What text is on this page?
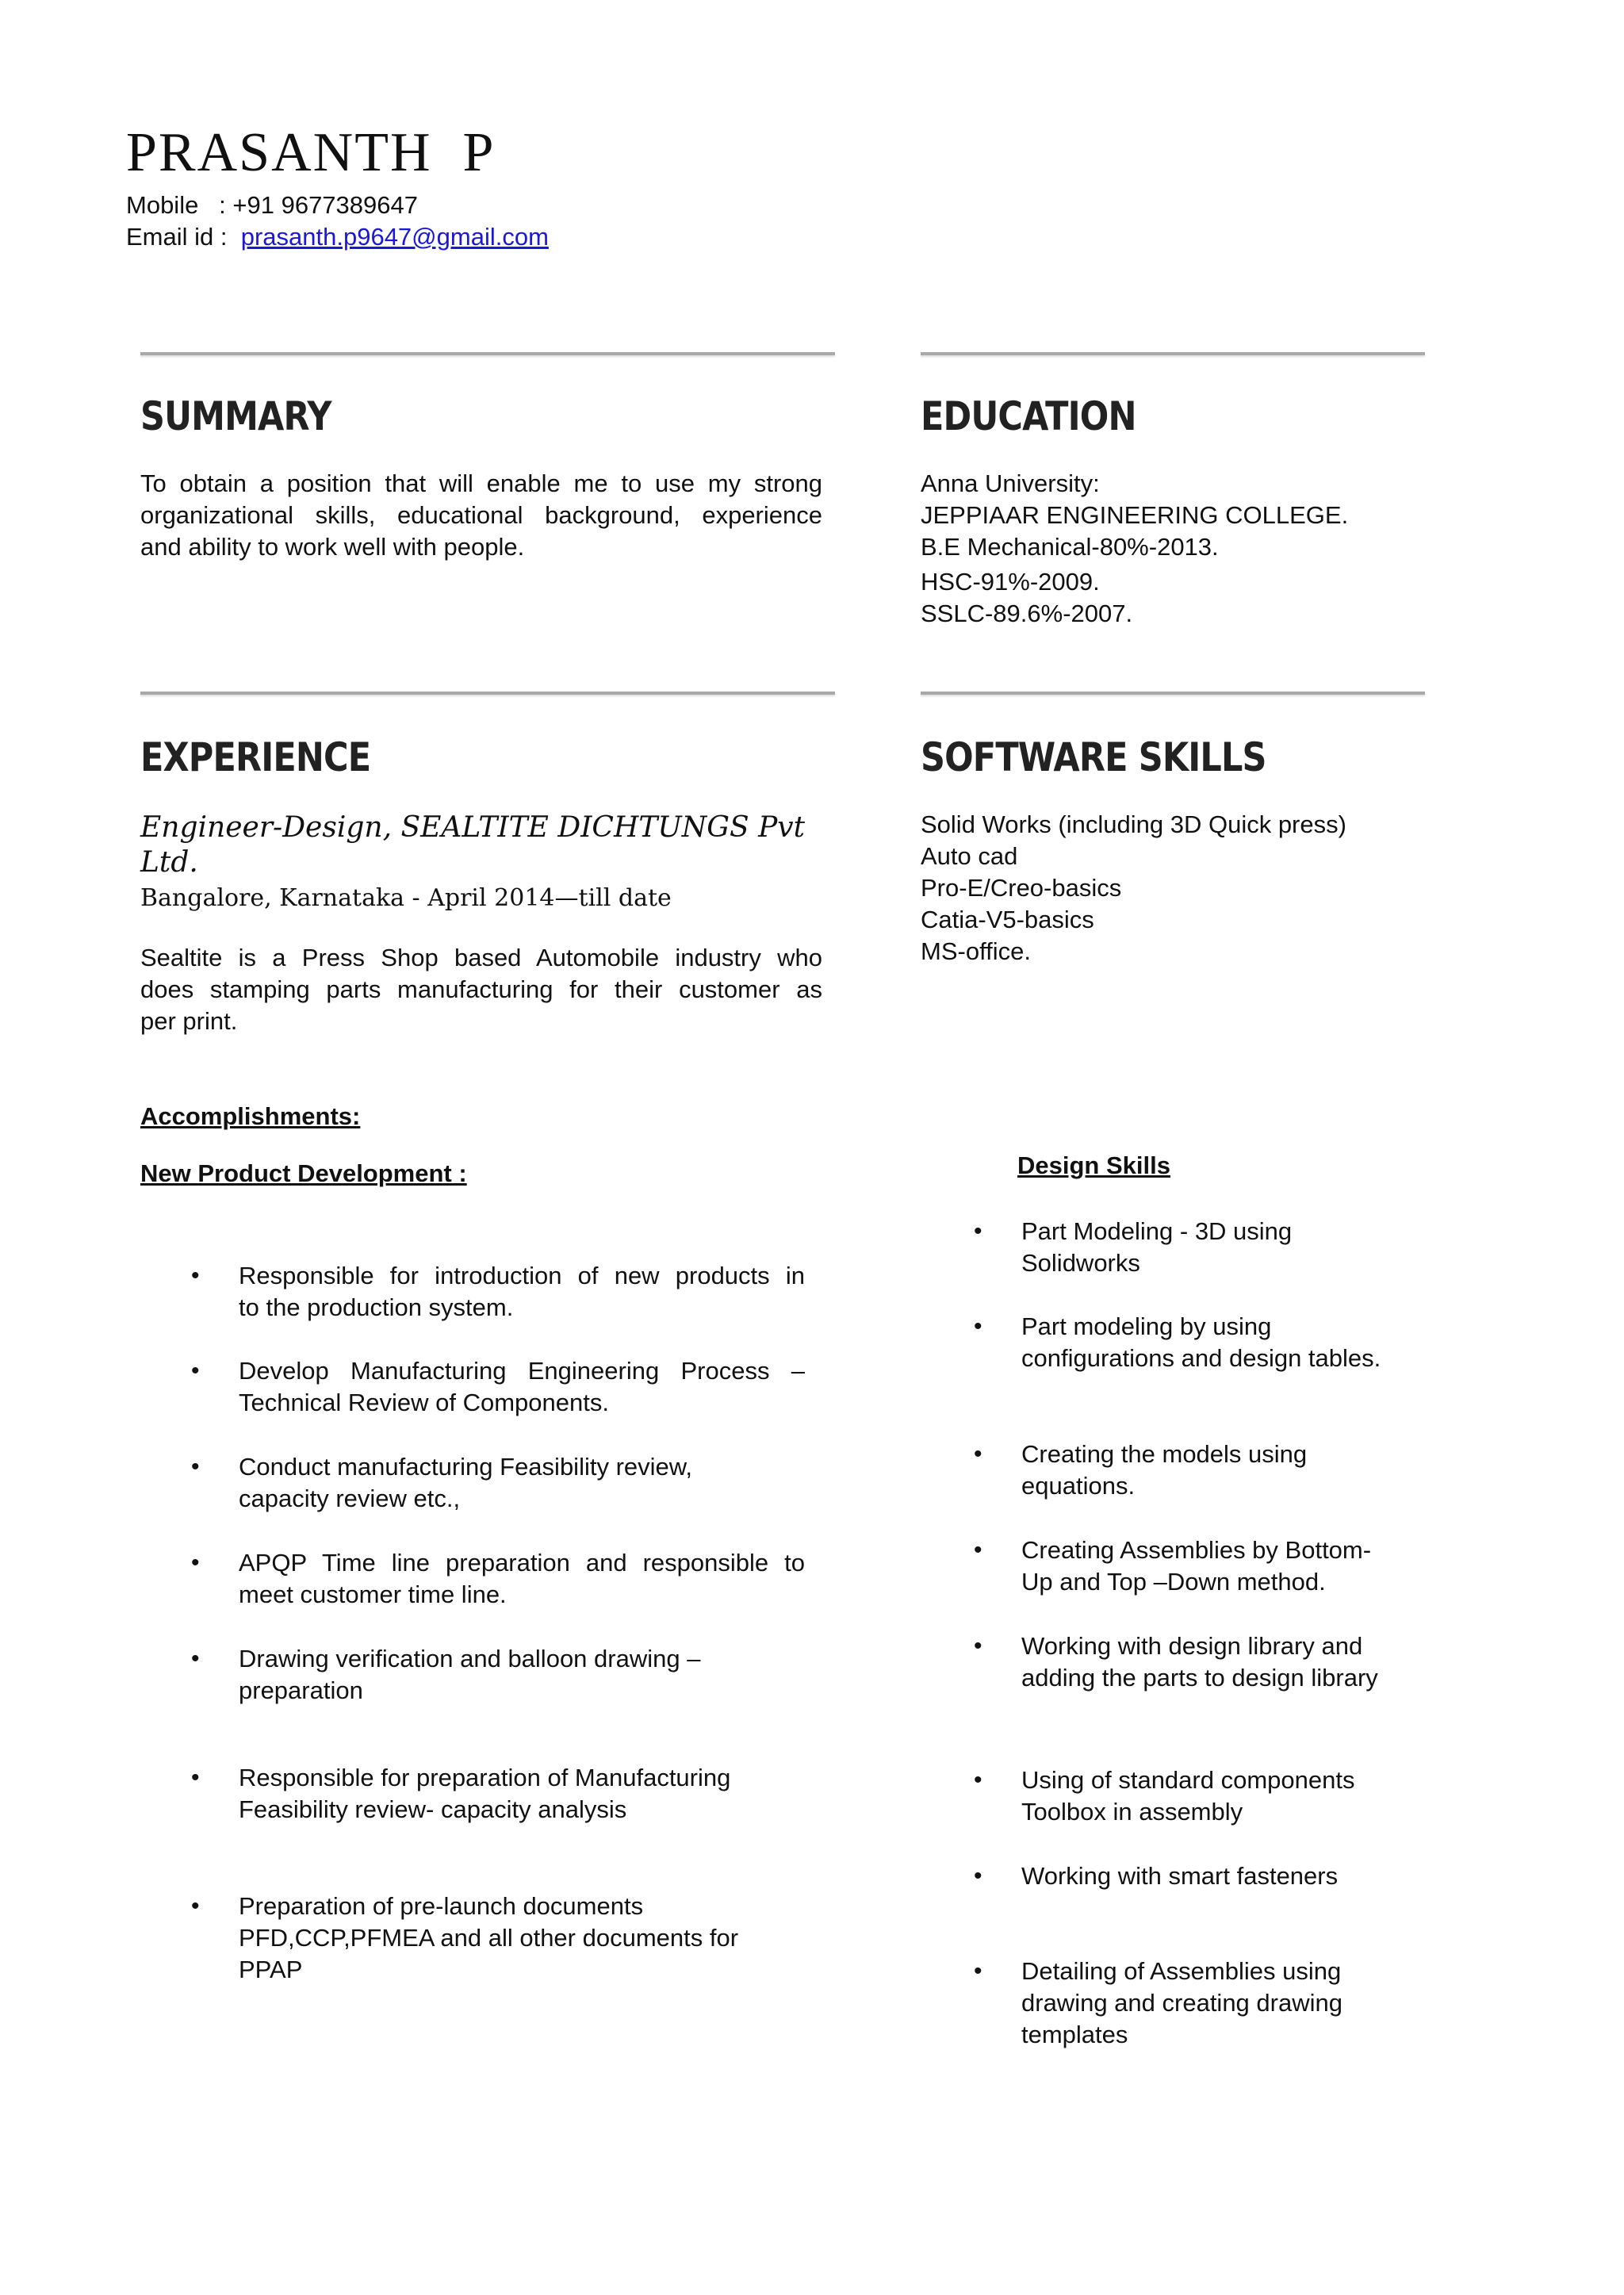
PRASANTH  P
Mobile   : +91 9677389647
Email id :  prasanth.p9647@gmail.com
SUMMARY
To obtain a position that will enable me to use my strong
organizational skills, educational background, experience
and ability to work well with people.
EDUCATION
Anna University:
JEPPIAAR ENGINEERING COLLEGE.
B.E Mechanical-80%-2013.
HSC-91%-2009.
SSLC-89.6%-2007.
EXPERIENCE
Engineer-Design, SEALTITE DICHTUNGS Pvt
Ltd.
Bangalore, Karnataka - April 2014—till date
Sealtite is a Press Shop based Automobile industry who
does stamping parts manufacturing for their customer as
per print.
SOFTWARE SKILLS
Solid Works (including 3D Quick press)
Auto cad
Pro-E/Creo-basics
Catia-V5-basics
MS-office.
Accomplishments:
New Product Development :
• Responsible for introduction of new products in
to the production system.
• Develop Manufacturing Engineering Process –
Technical Review of Components.
• Conduct manufacturing Feasibility review,
capacity review etc.,
• APQP Time line preparation and responsible to
meet customer time line.
• Drawing verification and balloon drawing –
preparation
• Responsible for preparation of Manufacturing
Feasibility review- capacity analysis
• Preparation of pre-launch documents
PFD,CCP,PFMEA and all other documents for
PPAP
Design Skills
• Part Modeling - 3D using
Solidworks
• Part modeling by using
configurations and design tables.
• Creating the models using
equations.
• Creating Assemblies by Bottom-
Up and Top –Down method.
• Working with design library and
adding the parts to design library
• Using of standard components
Toolbox in assembly
• Working with smart fasteners
• Detailing of Assemblies using
drawing and creating drawing
templates
